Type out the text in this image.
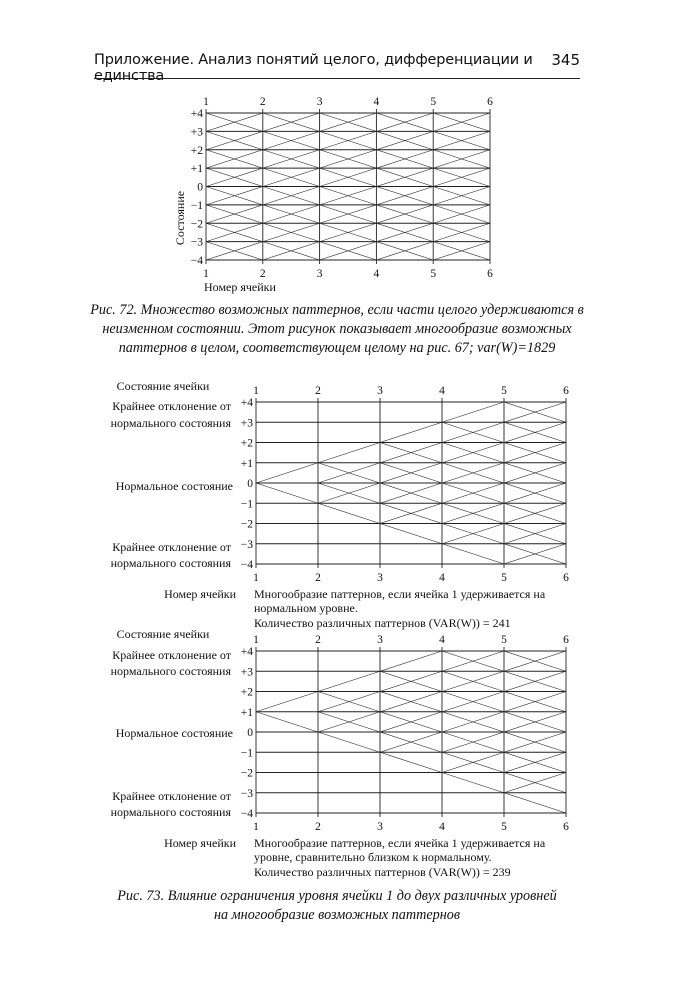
Приложение. Анализ понятий целого, дифференциации и единства
345
1	2	3	4	5	6
1	2	3	4	5	6
+4
+3
+2
+1
0
−1
−2
−3
−4
Состояние
Номер ячейки
Рис. 72. Множество возможных паттернов, если части целого удерживаются в неизменном состоянии. Этот рисунок показывает многообразие возможных паттернов в целом, соответствующем целому на рис. 67; var(W)=1829
1	2	3	4	5	6
1	2	3	4	5	6
+4
+3
+2
+1
0
−1
−2
−3
−4
1	2	3	4	5	6
1	2	3	4	5	6
+4
+3
+2
+1
0
−1
−2
−3
−4
Состояние ячейки
Крайнее отклонение от
нормального состояния
Нормальное состояние
Крайнее отклонение от
нормального состояния
Номер ячейки Многообразие паттернов, если ячейка 1 удерживается на
нормальном уровне.
Количество различных паттернов (VAR(W)) = 241
Состояние ячейки
Крайнее отклонение от
нормального состояния
Нормальное состояние
Крайнее отклонение от
нормального состояния
Номер ячейки Многообразие паттернов, если ячейка 1 удерживается на
уровне, сравнительно близком к нормальному.
Количество различных паттернов (VAR(W)) = 239
Рис. 73. Влияние ограничения уровня ячейки 1 до двух различных уровней
на многообразие возможных паттернов
